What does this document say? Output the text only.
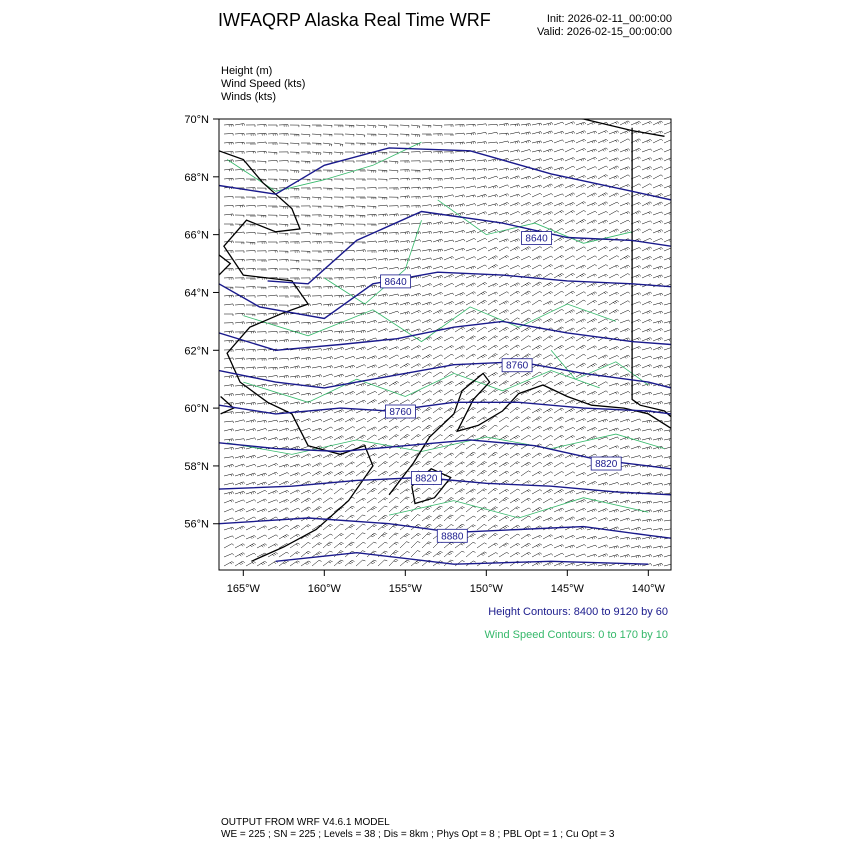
IWFAQRP Alaska Real Time WRF	Init: 2026-02-11_00:00:00
Valid: 2026-02-15_00:00:00
Height (m)
Wind Speed (kts)
Winds (kts)
8640
8640
8760
8760
8820
8820
8880
70°N
68°N
66°N
64°N
62°N
60°N
58°N
56°N
165°W	160°W	155°W	150°W	145°W	140°W
Height Contours: 8400 to 9120 by 60
Wind Speed Contours: 0 to 170 by 10
OUTPUT FROM WRF V4.6.1 MODEL
WE = 225 ; SN = 225 ; Levels = 38 ; Dis = 8km ; Phys Opt = 8 ; PBL Opt = 1 ; Cu Opt = 3
